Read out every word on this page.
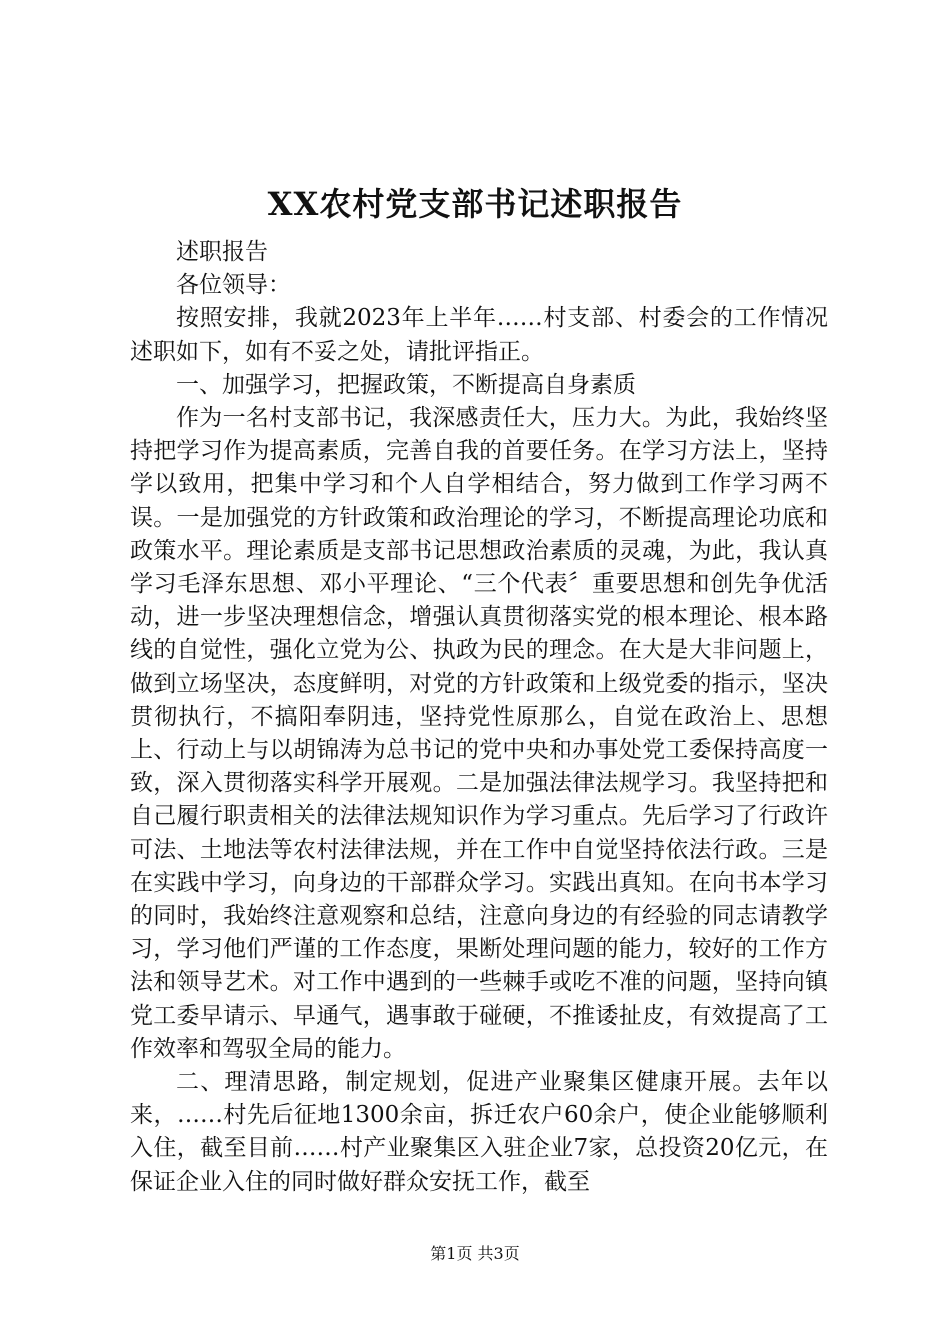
XX农村党支部书记述职报告

述职报告

各位领导：

按照安排，我就2023年上半年……村支部、村委会的工作情况述职如下，如有不妥之处，请批评指正。

一、加强学习，把握政策，不断提高自身素质

作为一名村支部书记，我深感责任大，压力大。为此，我始终坚持把学习作为提高素质，完善自我的首要任务。在学习方法上，坚持学以致用，把集中学习和个人自学相结合，努力做到工作学习两不误。一是加强党的方针政策和政治理论的学习，不断提高理论功底和政策水平。理论素质是支部书记思想政治素质的灵魂，为此，我认真学习毛泽东思想、邓小平理论、“三个代表〞重要思想和创先争优活动，进一步坚决理想信念，增强认真贯彻落实党的根本理论、根本路线的自觉性，强化立党为公、执政为民的理念。在大是大非问题上，做到立场坚决，态度鲜明，对党的方针政策和上级党委的指示，坚决贯彻执行，不搞阳奉阴违，坚持党性原那么，自觉在政治上、思想上、行动上与以胡锦涛为总书记的党中央和办事处党工委保持高度一致，深入贯彻落实科学开展观。二是加强法律法规学习。我坚持把和自己履行职责相关的法律法规知识作为学习重点。先后学习了行政许可法、土地法等农村法律法规，并在工作中自觉坚持依法行政。三是在实践中学习，向身边的干部群众学习。实践出真知。在向书本学习的同时，我始终注意观察和总结，注意向身边的有经验的同志请教学习，学习他们严谨的工作态度，果断处理问题的能力，较好的工作方法和领导艺术。对工作中遇到的一些棘手或吃不准的问题，坚持向镇党工委早请示、早通气，遇事敢于碰硬，不推诿扯皮，有效提高了工作效率和驾驭全局的能力。

二、理清思路，制定规划，促进产业聚集区健康开展。去年以来，……村先后征地1300余亩，拆迁农户60余户，使企业能够顺利入住，截至目前……村产业聚集区入驻企业7家，总投资20亿元，在保证企业入住的同时做好群众安抚工作，截至

第1页 共3页
